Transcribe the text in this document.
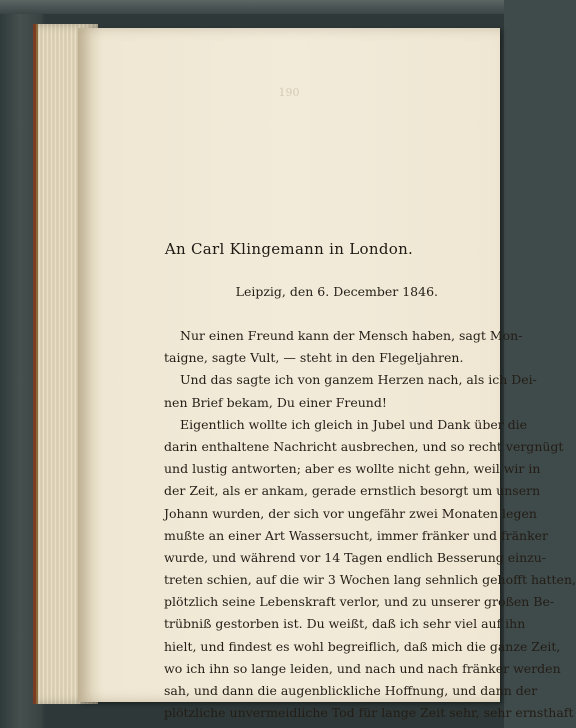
190
An Carl Klingemann in London.
Leipzig, den 6. December 1846.
Nur einen Freund kann der Mensch haben, sagt Mon-
taigne, sagte Vult, — steht in den Flegeljahren.
Und das sagte ich von ganzem Herzen nach, als ich Dei-
nen Brief bekam, Du einer Freund!
Eigentlich wollte ich gleich in Jubel und Dank über die
darin enthaltene Nachricht ausbrechen, und so recht vergnügt
und lustig antworten; aber es wollte nicht gehn, weil wir in
der Zeit, als er ankam, gerade ernstlich besorgt um unsern
Johann wurden, der sich vor ungefähr zwei Monaten legen
mußte an einer Art Wassersucht, immer fränker und fränker
wurde, und während vor 14 Tagen endlich Besserung einzu-
treten schien, auf die wir 3 Wochen lang sehnlich gehofft hatten,
plötzlich seine Lebenskraft verlor, und zu unserer großen Be-
trübniß gestorben ist. Du weißt, daß ich sehr viel auf ihn
hielt, und findest es wohl begreiflich, daß mich die ganze Zeit,
wo ich ihn so lange leiden, und nach und nach fränker werden
sah, und dann die augenblickliche Hoffnung, und dann der
plötzliche unvermeidliche Tod für lange Zeit sehr, sehr ernsthaft
